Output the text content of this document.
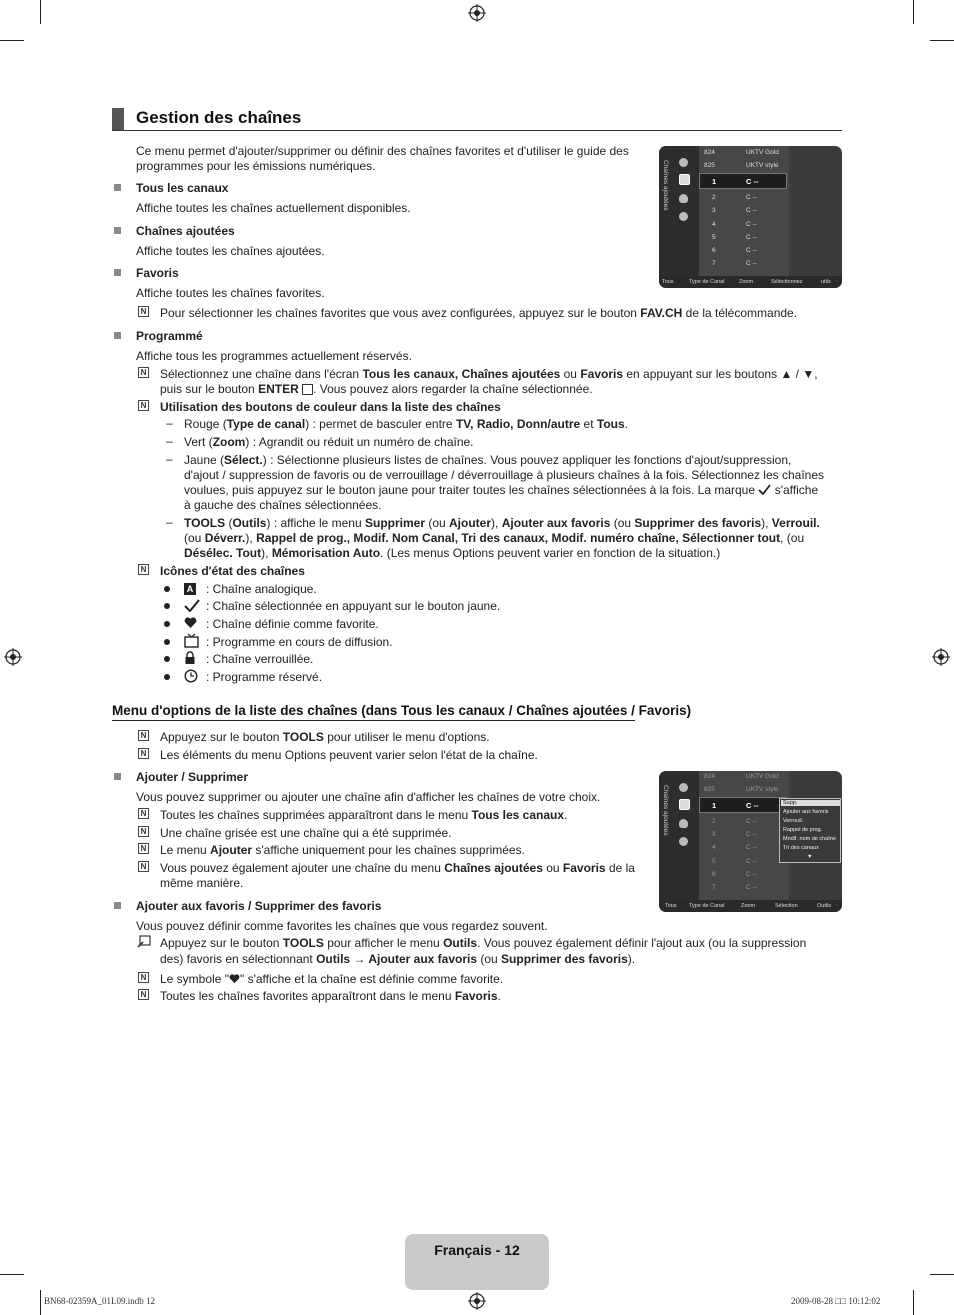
Gestion des chaînes
Ce menu permet d'ajouter/supprimer ou définir des chaînes favorites et d'utiliser le guide des
programmes pour les émissions numériques.
Tous les canaux
Affiche toutes les chaînes actuellement disponibles.
Chaînes ajoutées
Affiche toutes les chaînes ajoutées.
Favoris
Affiche toutes les chaînes favorites.
N Pour sélectionner les chaînes favorites que vous avez configurées, appuyez sur le bouton FAV.CH de la télécommande.
Programmé
Affiche tous les programmes actuellement réservés.
N Sélectionnez une chaîne dans l'écran Tous les canaux, Chaînes ajoutées ou Favoris en appuyant sur les boutons ▲ / ▼,
puis sur le bouton ENTER . Vous pouvez alors regarder la chaîne sélectionnée.
N Utilisation des boutons de couleur dans la liste des chaînes
– Rouge (Type de canal) : permet de basculer entre TV, Radio, Donn/autre et Tous.
– Vert (Zoom) : Agrandit ou réduit un numéro de chaîne.
– Jaune (Sélect.) : Sélectionne plusieurs listes de chaînes. Vous pouvez appliquer les fonctions d'ajout/suppression,
d'ajout / suppression de favoris ou de verrouillage / déverrouillage à plusieurs chaînes à la fois. Sélectionnez les chaînes
voulues, puis appuyez sur le bouton jaune pour traiter toutes les chaînes sélectionnées à la fois. La marque  s'affiche
à gauche des chaînes sélectionnées.
– TOOLS (Outils) : affiche le menu Supprimer (ou Ajouter), Ajouter aux favoris (ou Supprimer des favoris), Verrouil.
(ou Déverr.), Rappel de prog., Modif. Nom Canal, Tri des canaux, Modif. numéro chaîne, Sélectionner tout, (ou
Désélec. Tout), Mémorisation Auto. (Les menus Options peuvent varier en fonction de la situation.)
N Icônes d'état des chaînes
A : Chaîne analogique.
: Chaîne sélectionnée en appuyant sur le bouton jaune.
: Chaîne définie comme favorite.
: Programme en cours de diffusion.
: Chaîne verrouillée.
: Programme réservé.
Chaînes ajoutées
824	UKTV Gold
825	UKTV style
1	C --
2	C --
3	C --
4	C --
5	C --
6	C --
7	C --
Tous	Type de Canal	Zoom	Sélectionnez	utils
Menu d'options de la liste des chaînes (dans Tous les canaux / Chaînes ajoutées / Favoris)
N Appuyez sur le bouton TOOLS pour utiliser le menu d'options.
N Les éléments du menu Options peuvent varier selon l'état de la chaîne.
Ajouter / Supprimer
Vous pouvez supprimer ou ajouter une chaîne afin d'afficher les chaînes de votre choix.
N Toutes les chaînes supprimées apparaîtront dans le menu Tous les canaux.
N Une chaîne grisée est une chaîne qui a été supprimée.
N Le menu Ajouter s'affiche uniquement pour les chaînes supprimées.
N Vous pouvez également ajouter une chaîne du menu Chaînes ajoutées ou Favoris de la
même manière.
Chaînes ajoutées
824	UKTV Gold
825	UKTV style
1	C --
2	C --
3	C --
4	C --
5	C --
6	C --
7	C --
Supp.
Ajouter aux favoris
Verrouil.
Rappel de prog.
Modif. nom de chaîne
Tri des canaux
▼
Tous Type de Canal	Zoom	Sélection	Outils
Ajouter aux favoris / Supprimer des favoris
Vous pouvez définir comme favorites les chaînes que vous regardez souvent.
Appuyez sur le bouton TOOLS pour afficher le menu Outils. Vous pouvez également définir l'ajout aux (ou la suppression
des) favoris en sélectionnant Outils → Ajouter aux favoris (ou Supprimer des favoris).
N Le symbole " " s'affiche et la chaîne est définie comme favorite.
N Toutes les chaînes favorites apparaîtront dans le menu Favoris.
Français - 12
BN68-02359A_01L09.indb 12	2009-08-28 □□ 10:12:02
